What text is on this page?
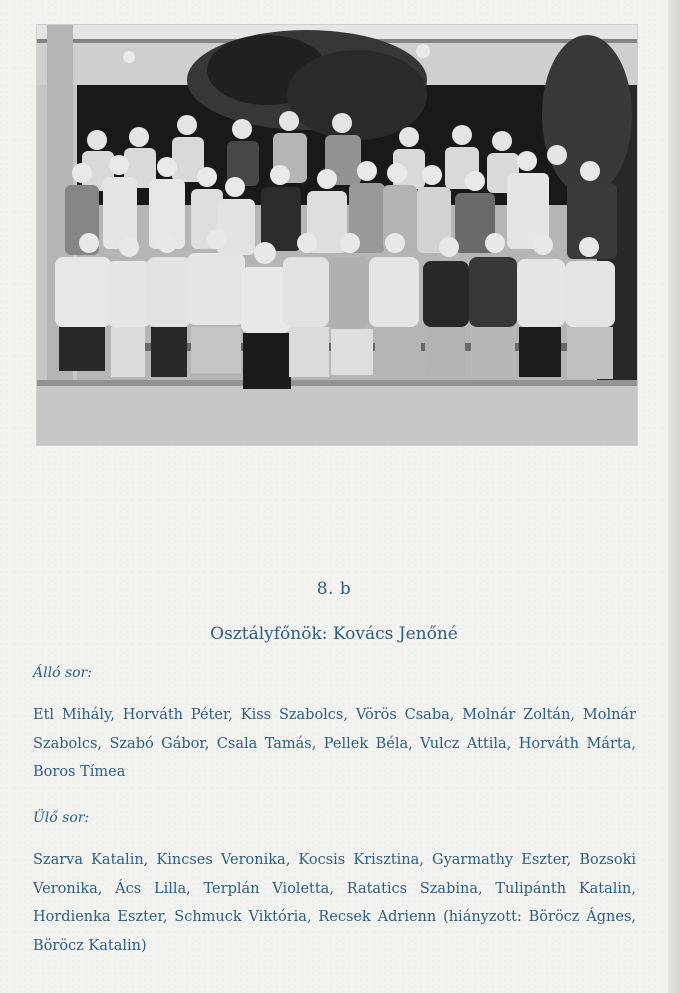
8. b
Osztályfőnök: Kovács Jenőné
Álló sor:
Etl Mihály, Horváth Péter, Kiss Szabolcs, Vörös Csaba, Molnár Zoltán, Molnár Szabolcs, Szabó Gábor, Csala Tamás, Pellek Béla, Vulcz Attila, Horváth Márta, Boros Tímea
Ülő sor:
Szarva Katalin, Kincses Veronika, Kocsis Krisztina, Gyarmathy Eszter, Bozsoki Veronika, Ács Lilla, Terplán Violetta, Ratatics Szabina, Tulipánth Katalin, Hordienka Eszter, Schmuck Viktória, Recsek Adrienn (hiányzott: Böröcz Ágnes, Böröcz Katalin)
